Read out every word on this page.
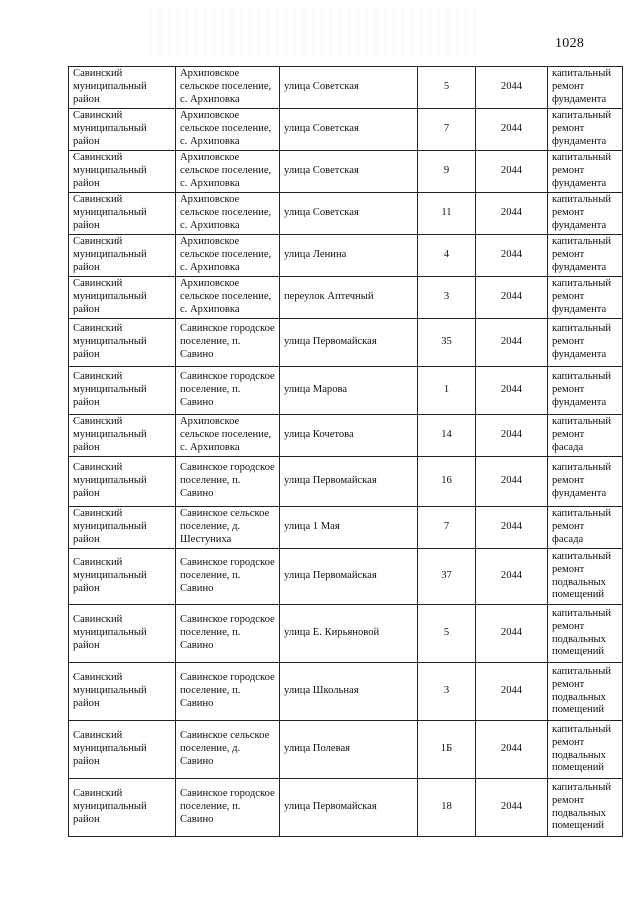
1028
Савинский муниципальный район	Архиповское сельское поселение, с. Архиповка	улица Советская	5	2044	капитальный ремонт фундамента
Савинский муниципальный район	Архиповское сельское поселение, с. Архиповка	улица Советская	7	2044	капитальный ремонт фундамента
Савинский муниципальный район	Архиповское сельское поселение, с. Архиповка	улица Советская	9	2044	капитальный ремонт фундамента
Савинский муниципальный район	Архиповское сельское поселение, с. Архиповка	улица Советская	11	2044	капитальный ремонт фундамента
Савинский муниципальный район	Архиповское сельское поселение, с. Архиповка	улица Ленина	4	2044	капитальный ремонт фундамента
Савинский муниципальный район	Архиповское сельское поселение, с. Архиповка	переулок Аптечный	3	2044	капитальный ремонт фундамента
Савинский муниципальный район	Савинское городское поселение, п. Савино	улица Первомайская	35	2044	капитальный ремонт фундамента
Савинский муниципальный район	Савинское городское поселение, п. Савино	улица Марова	1	2044	капитальный ремонт фундамента
Савинский муниципальный район	Архиповское сельское поселение, с. Архиповка	улица Кочетова	14	2044	капитальный ремонт фасада
Савинский муниципальный район	Савинское городское поселение, п. Савино	улица Первомайская	16	2044	капитальный ремонт фундамента
Савинский муниципальный район	Савинское сельское поселение, д. Шестуниха	улица 1 Мая	7	2044	капитальный ремонт фасада
Савинский муниципальный район	Савинское городское поселение, п. Савино	улица Первомайская	37	2044	капитальный ремонт подвальных помещений
Савинский муниципальный район	Савинское городское поселение, п. Савино	улица Е. Кирьяновой	5	2044	капитальный ремонт подвальных помещений
Савинский муниципальный район	Савинское городское поселение, п. Савино	улица Школьная	3	2044	капитальный ремонт подвальных помещений
Савинский муниципальный район	Савинское сельское поселение, д. Савино	улица Полевая	1Б	2044	капитальный ремонт подвальных помещений
Савинский муниципальный район	Савинское городское поселение, п. Савино	улица Первомайская	18	2044	капитальный ремонт подвальных помещений
